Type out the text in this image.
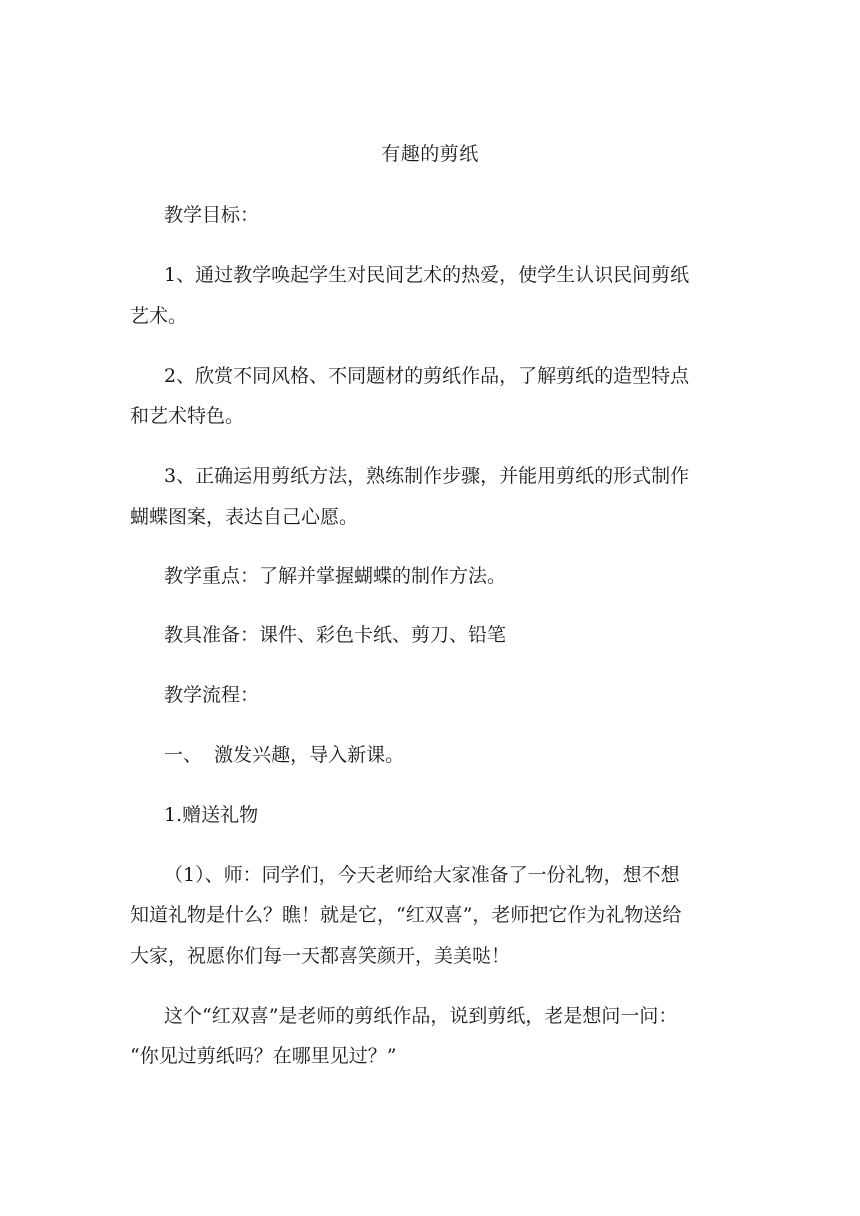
有趣的剪纸
教学目标：
1、通过教学唤起学生对民间艺术的热爱，使学生认识民间剪纸
艺术。
2、欣赏不同风格、不同题材的剪纸作品，了解剪纸的造型特点
和艺术特色。
3、正确运用剪纸方法，熟练制作步骤，并能用剪纸的形式制作
蝴蝶图案，表达自己心愿。
教学重点：了解并掌握蝴蝶的制作方法。
教具准备：课件、彩色卡纸、剪刀、铅笔
教学流程：
一、  激发兴趣，导入新课。
1.赠送礼物
（1）、师：同学们，今天老师给大家准备了一份礼物，想不想
知道礼物是什么？瞧！就是它，“红双喜”，老师把它作为礼物送给
大家，祝愿你们每一天都喜笑颜开，美美哒！
这个“红双喜”是老师的剪纸作品，说到剪纸，老是想问一问：
“你见过剪纸吗？在哪里见过？”
